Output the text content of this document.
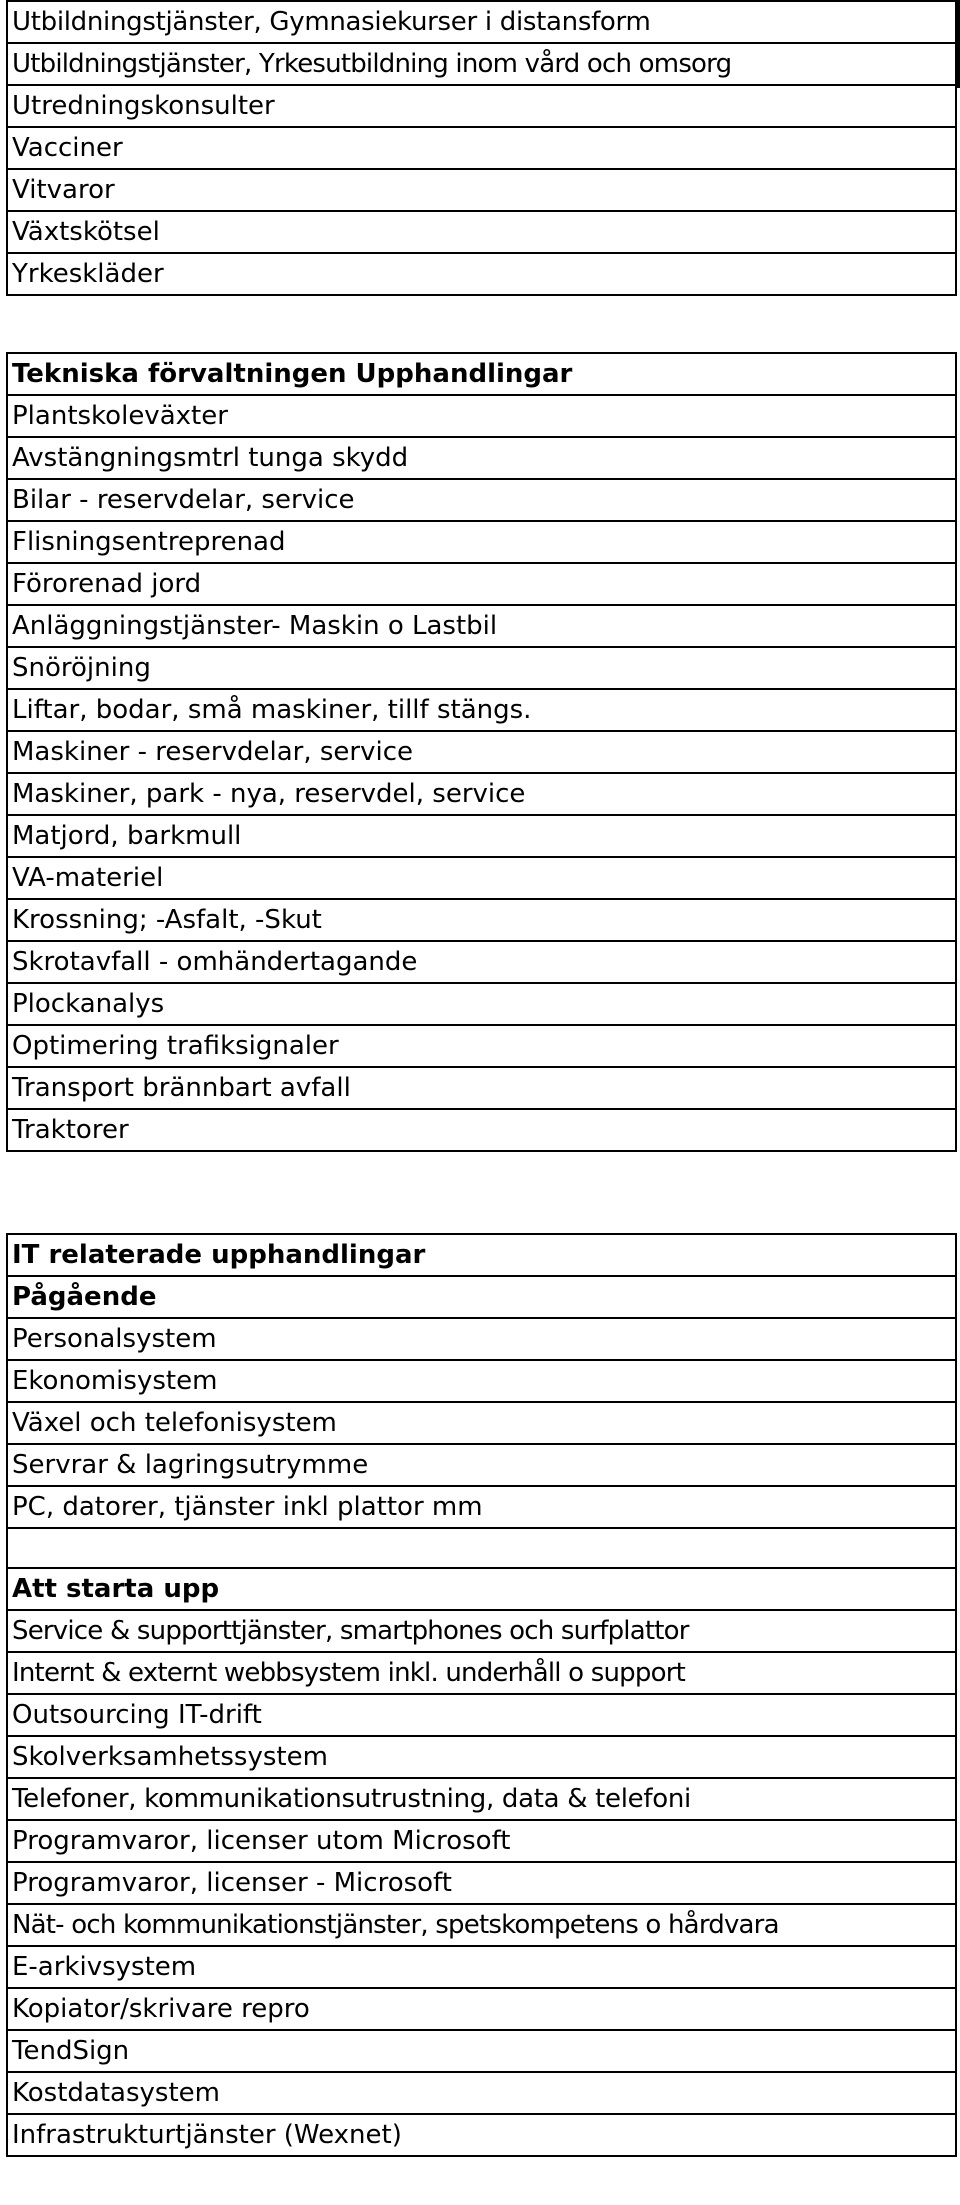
Utbildningstjänster, Gymnasiekurser i distansform
Utbildningstjänster, Yrkesutbildning inom vård och omsorg
Utredningskonsulter
Vacciner
Vitvaror
Växtskötsel
Yrkeskläder
Tekniska förvaltningen Upphandlingar
Plantskoleväxter
Avstängningsmtrl tunga skydd
Bilar - reservdelar, service
Flisningsentreprenad
Förorenad jord
Anläggningstjänster- Maskin o Lastbil
Snöröjning
Liftar, bodar, små maskiner, tillf stängs.
Maskiner - reservdelar, service
Maskiner, park - nya, reservdel, service
Matjord, barkmull
VA-materiel
Krossning; -Asfalt, -Skut
Skrotavfall - omhändertagande
Plockanalys
Optimering trafiksignaler
Transport brännbart avfall
Traktorer
IT relaterade upphandlingar
Pågående
Personalsystem
Ekonomisystem
Växel och telefonisystem
Servrar & lagringsutrymme
PC, datorer, tjänster inkl plattor mm

Att starta upp
Service & supporttjänster, smartphones och surfplattor
Internt & externt webbsystem inkl. underhåll o support
Outsourcing IT-drift
Skolverksamhetssystem
Telefoner, kommunikationsutrustning, data & telefoni
Programvaror, licenser utom Microsoft
Programvaror, licenser - Microsoft
Nät- och kommunikationstjänster, spetskompetens o hårdvara
E-arkivsystem
Kopiator/skrivare repro
TendSign
Kostdatasystem
Infrastrukturtjänster (Wexnet)
